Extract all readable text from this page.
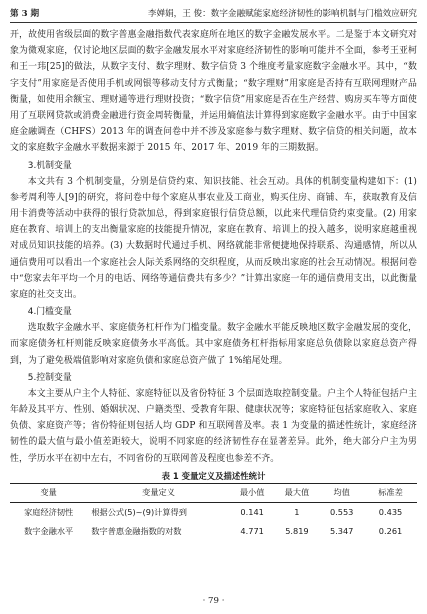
第 3 期	李婵娟，王 俊：数字金融赋能家庭经济韧性的影响机制与门槛效应研究

开，故使用省级层面的数字普惠金融指数代表家庭所在地区的数字金融发展水平。二是鉴于本文研究对象为微观家庭，仅讨论地区层面的数字金融发展水平对家庭经济韧性的影响可能并不全面，参考王亚柯和王一玮[25]的做法，从数字支付、数字理财、数字信贷 3 个维度考量家庭数字金融水平。其中，“数字支付”用家庭是否使用手机或网银等移动支付方式衡量；“数字理财”用家庭是否持有互联网理财产品衡量，如使用余额宝、理财通等进行理财投资；“数字信贷”用家庭是否在生产经营、购房买车等方面使用了互联网贷款或消费金融进行资金周转衡量，并运用熵值法计算得到家庭数字金融水平。由于中国家庭金融调查（CHFS）2013 年的调查问卷中并不涉及家庭参与数字理财、数字信贷的相关问题，故本文的家庭数字金融水平数据来源于 2015 年、2017 年、2019 年的三期数据。

3.机制变量

本文共有 3 个机制变量，分别是信贷约束、知识技能、社会互动。具体的机制变量构建如下：(1) 参考周利等人[9]的研究，将问卷中每个家庭从事农业及工商业，购买住房、商铺、车，获取教育及信用卡消费等活动中获得的银行贷款加总，得到家庭银行信贷总额，以此来代理信贷约束变量。(2) 用家庭在教育、培训上的支出衡量家庭的技能提升情况，家庭在教育、培训上的投入越多，说明家庭越重视对成员知识技能的培养。(3) 大数据时代通过手机、网络就能非常便捷地保持联系、沟通感情，所以从通信费用可以看出一个家庭社会人际关系网络的交织程度，从而反映出家庭的社会互动情况。根据问卷中“您家去年平均一个月的电话、网络等通信费共有多少？”计算出家庭一年的通信费用支出，以此衡量家庭的社交支出。

4.门槛变量

选取数字金融水平、家庭债务杠杆作为门槛变量。数字金融水平能反映地区数字金融发展的变化，而家庭债务杠杆则能反映家庭债务水平高低。其中家庭债务杠杆指标用家庭总负债除以家庭总资产得到，为了避免极端值影响对家庭负债和家庭总资产做了 1%缩尾处理。

5.控制变量

本文主要从户主个人特征、家庭特征以及省份特征 3 个层面选取控制变量。户主个人特征包括户主年龄及其平方、性别、婚姻状况、户籍类型、受教育年限、健康状况等；家庭特征包括家庭收入、家庭负债、家庭资产等；省份特征则包括人均 GDP 和互联网普及率。表 1 为变量的描述性统计，家庭经济韧性的最大值与最小值差距较大，说明不同家庭的经济韧性存在显著差异。此外，绝大部分户主为男性，学历水平在初中左右，不同省份的互联网普及程度也参差不齐。

表 1 变量定义及描述性统计
变量	变量定义	最小值	最大值	均值	标准差
家庭经济韧性	根据公式(5)~(9)计算得到	0.141	1	0.553	0.435
数字金融水平	数字普惠金融指数的对数	4.771	5.819	5.347	0.261
· 79 ·
